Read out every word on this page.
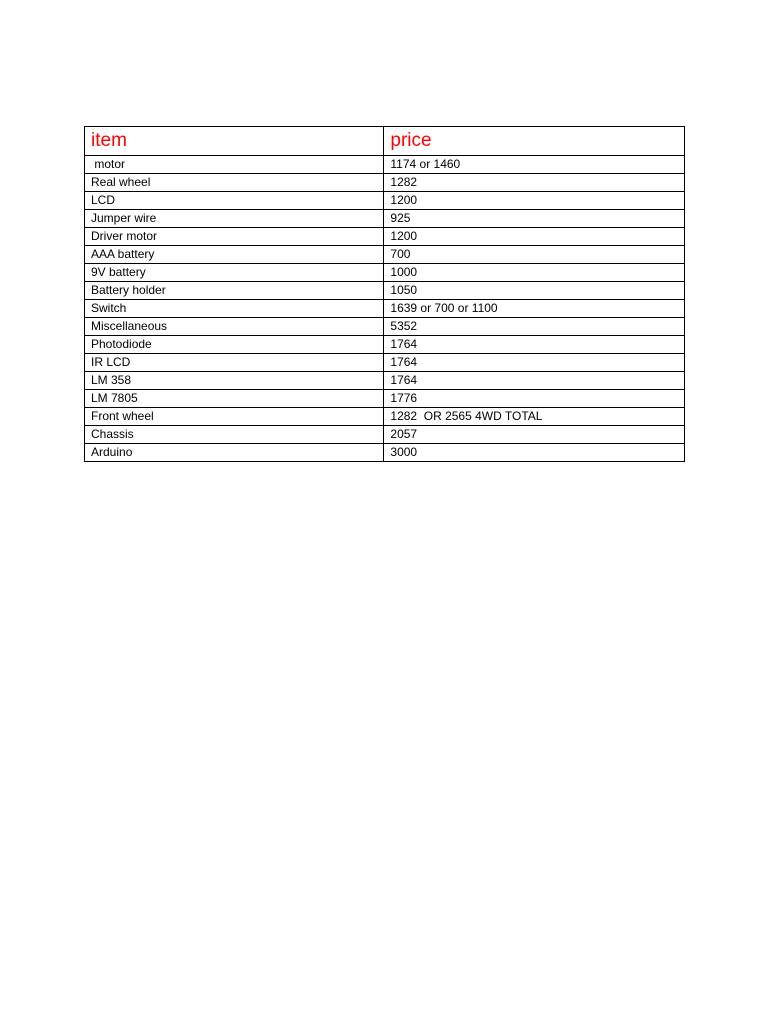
item	price
motor	1174 or 1460
Real wheel	1282
LCD	1200
Jumper wire	925
Driver motor	1200
AAA battery	700
9V battery	1000
Battery holder	1050
Switch	1639 or 700 or 1100
Miscellaneous	5352
Photodiode	1764
IR LCD	1764
LM 358	1764
LM 7805	1776
Front wheel	1282  OR 2565 4WD TOTAL
Chassis	2057
Arduino	3000
